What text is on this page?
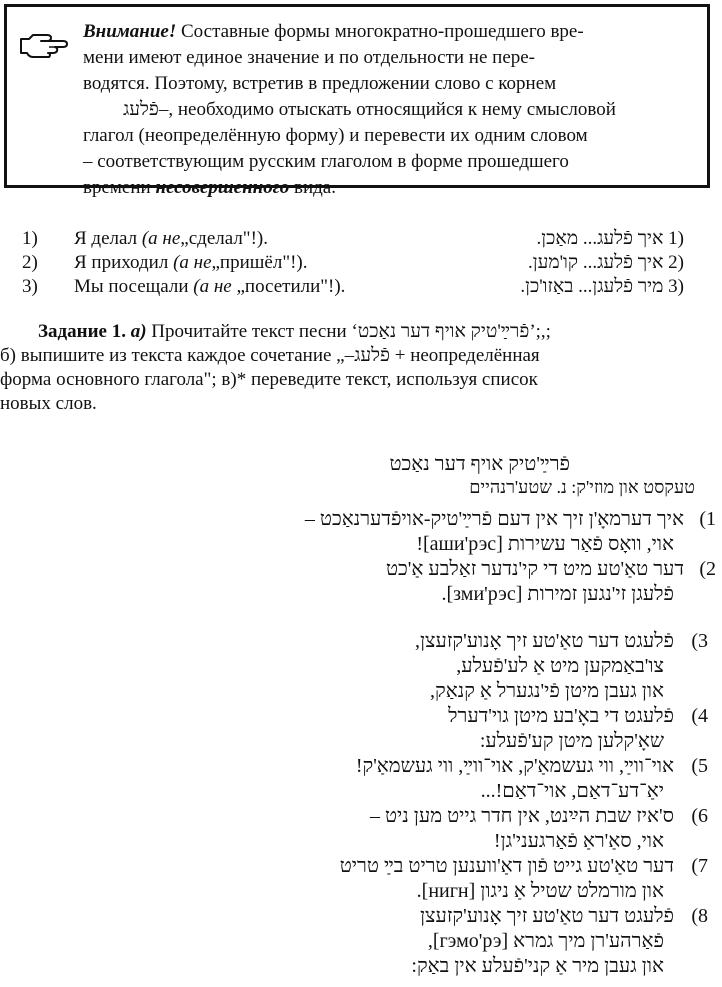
Внимание! Составные формы многократно-прошедшего вре-
мени имеют единое значение и по отдельности не пере-
водятся. Поэтому, встретив в предложении слово с корнем
–פֿלעג, необходимо отыскать относящийся к нему смысловой
глагол (неопределённую форму) и перевести их одним словом
– соответствующим русским глаголом в форме прошедшего
времени несовершенного вида.
1) Я делал (а не„сделал"!).	(1 איך פֿלעג... מאַכן.
2) Я приходил (а не„пришёл"!).	(2 איך פֿלעג... קו'מען.
3) Мы посещали (а не „посетили"!).	(3 מיר פֿלעגן... באַזו'כן.
Задание 1. а) Прочитайте текст песни ‘פֿרײַ'טיק אויף דער נאַכט’;,;
б) выпишите из текста каждое сочетание „–פֿלעג + неопределённая
форма основного глагола"; в)* переведите текст, используя список
новых слов.
פֿרײַ'טיק אויף דער נאַכט
טעקסט און מוזי'ק: נ. שטע'רנהיים
איך דערמאָ'ן זיך אין דעם פֿרײַ'טיק-אויפֿדערנאַכט – (1
אוי, וואָס פֿאַר עשירות [аши'рэс]!
דער טאַ'טע מיט די קי'נדער זאַלבע אַ'כט (2
פֿלעגן זי'נגען זמירות [зми'рэс].
פֿלעגט דער טאַ'טע זיך אָנוע'קזעצן, (3
צו'באַמקען מיט אַ לע'פֿעלע,
און געבן מיטן פֿי'נגערל אַ קנאַק,
פֿלעגט די באָ'בע מיטן גוי'דערל (4
שאָ'קלען מיטן קע'פֿעלע:
אוי־ווײַ, ווי געשמאַ'ק, אוי־ווײַ, ווי געשמאַ'ק! (5
יאַ־דע־דאַם, אוי־דאַם!...
ס'איז שבת הײַנט, אין חדר גייט מען ניט – (6
אוי, סאַ'ראַ פֿאַרגעני'גן!
דער טאַ'טע גייט פֿון דאַ'ווענען טריט בײַ טריט (7
און מורמלט שטיל אַ ניגון [нигн].
פֿלעגט דער טאַ'טע זיך אָנוע'קזעצן (8
פֿאַרהע'רן מיך גמרא [гэмо'рэ],
און געבן מיר אַ קני'פֿעלע אין באַק:
